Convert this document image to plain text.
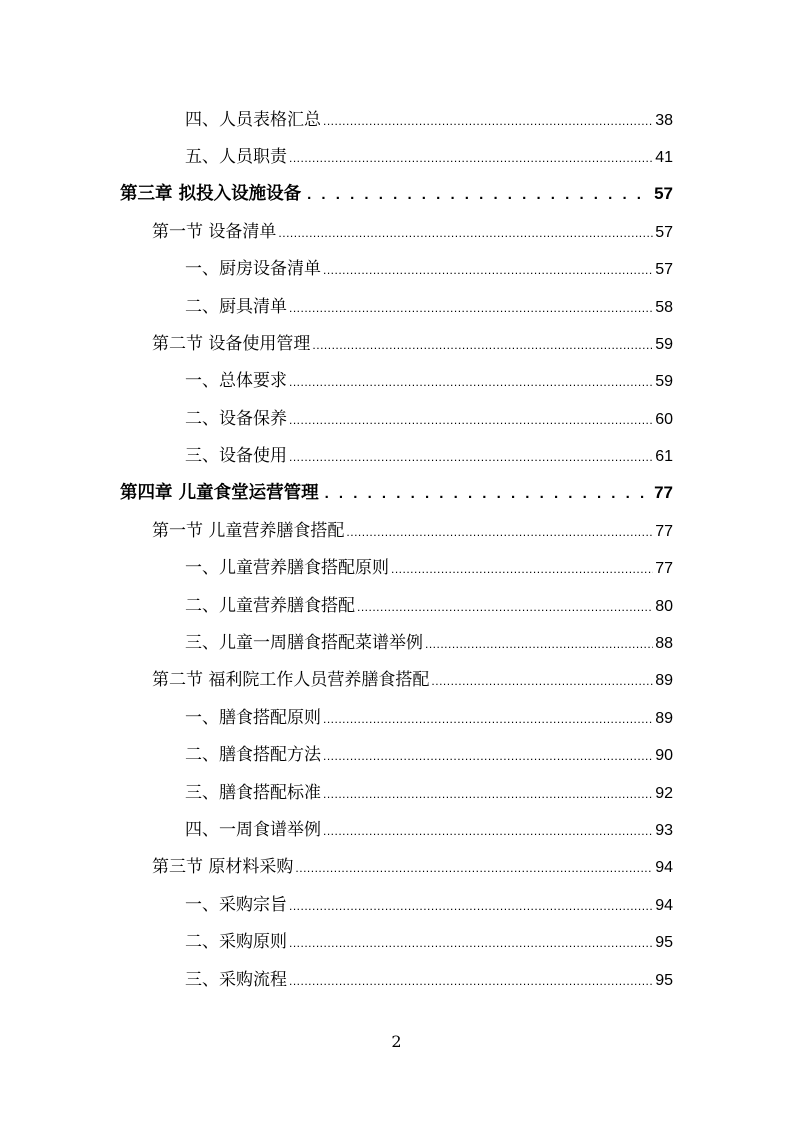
四、人员表格汇总 .....	38
五、人员职责 .....	41
第三章 拟投入设施设备 . . .	57
第一节 设备清单 .....	57
一、厨房设备清单 .....	57
二、厨具清单 .....	58
第二节 设备使用管理 .....	59
一、总体要求 .....	59
二、设备保养 .....	60
三、设备使用 .....	61
第四章 儿童食堂运营管理 . . .	77
第一节 儿童营养膳食搭配 .....	77
一、儿童营养膳食搭配原则 .....	77
二、儿童营养膳食搭配 .....	80
三、儿童一周膳食搭配菜谱举例 .....	88
第二节 福利院工作人员营养膳食搭配 .....	89
一、膳食搭配原则 .....	89
二、膳食搭配方法 .....	90
三、膳食搭配标准 .....	92
四、一周食谱举例 .....	93
第三节 原材料采购 .....	94
一、采购宗旨 .....	94
二、采购原则 .....	95
三、采购流程 .....	95
2
